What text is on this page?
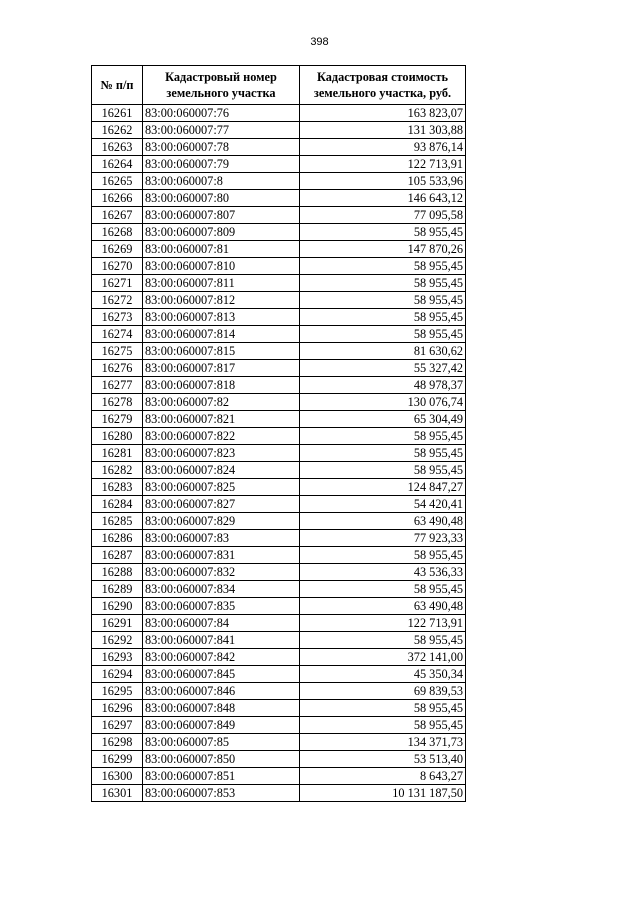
398
№ п/п	Кадастровый номер земельного участка	Кадастровая стоимость земельного участка, руб.
16261	83:00:060007:76	163 823,07
16262	83:00:060007:77	131 303,88
16263	83:00:060007:78	93 876,14
16264	83:00:060007:79	122 713,91
16265	83:00:060007:8	105 533,96
16266	83:00:060007:80	146 643,12
16267	83:00:060007:807	77 095,58
16268	83:00:060007:809	58 955,45
16269	83:00:060007:81	147 870,26
16270	83:00:060007:810	58 955,45
16271	83:00:060007:811	58 955,45
16272	83:00:060007:812	58 955,45
16273	83:00:060007:813	58 955,45
16274	83:00:060007:814	58 955,45
16275	83:00:060007:815	81 630,62
16276	83:00:060007:817	55 327,42
16277	83:00:060007:818	48 978,37
16278	83:00:060007:82	130 076,74
16279	83:00:060007:821	65 304,49
16280	83:00:060007:822	58 955,45
16281	83:00:060007:823	58 955,45
16282	83:00:060007:824	58 955,45
16283	83:00:060007:825	124 847,27
16284	83:00:060007:827	54 420,41
16285	83:00:060007:829	63 490,48
16286	83:00:060007:83	77 923,33
16287	83:00:060007:831	58 955,45
16288	83:00:060007:832	43 536,33
16289	83:00:060007:834	58 955,45
16290	83:00:060007:835	63 490,48
16291	83:00:060007:84	122 713,91
16292	83:00:060007:841	58 955,45
16293	83:00:060007:842	372 141,00
16294	83:00:060007:845	45 350,34
16295	83:00:060007:846	69 839,53
16296	83:00:060007:848	58 955,45
16297	83:00:060007:849	58 955,45
16298	83:00:060007:85	134 371,73
16299	83:00:060007:850	53 513,40
16300	83:00:060007:851	8 643,27
16301	83:00:060007:853	10 131 187,50
